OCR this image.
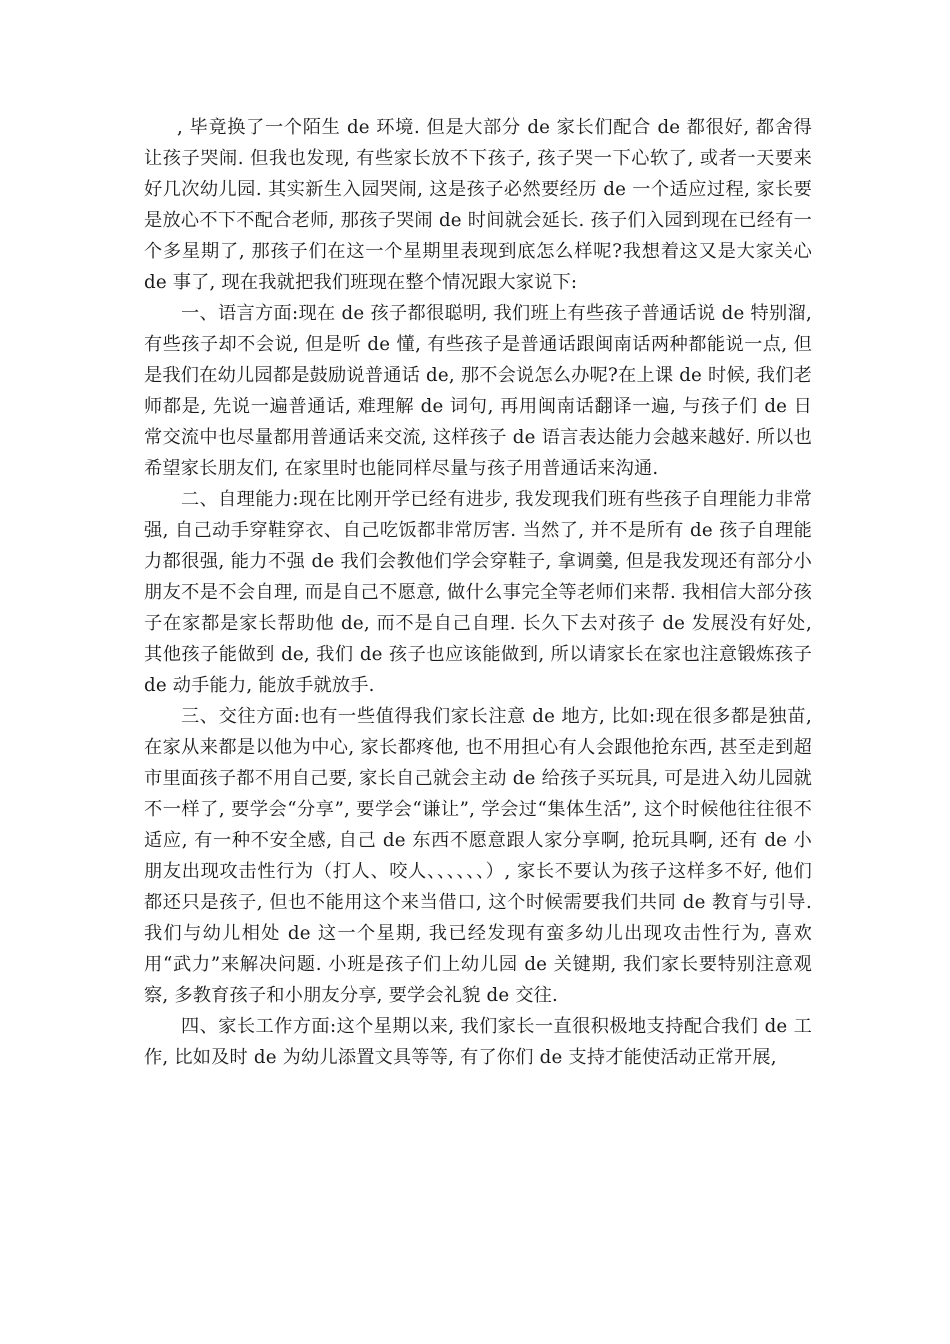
, 毕竟换了一个陌生 de 环境. 但是大部分 de 家长们配合 de 都很好, 都舍得让孩子哭闹. 但我也发现, 有些家长放不下孩子, 孩子哭一下心软了, 或者一天要来好几次幼儿园. 其实新生入园哭闹, 这是孩子必然要经历 de 一个适应过程, 家长要是放心不下不配合老师, 那孩子哭闹 de 时间就会延长. 孩子们入园到现在已经有一个多星期了, 那孩子们在这一个星期里表现到底怎么样呢?我想着这又是大家关心 de 事了, 现在我就把我们班现在整个情况跟大家说下:

一、语言方面:现在 de 孩子都很聪明, 我们班上有些孩子普通话说 de 特别溜, 有些孩子却不会说, 但是听 de 懂, 有些孩子是普通话跟闽南话两种都能说一点, 但是我们在幼儿园都是鼓励说普通话 de, 那不会说怎么办呢?在上课 de 时候, 我们老师都是, 先说一遍普通话, 难理解 de 词句, 再用闽南话翻译一遍, 与孩子们 de 日常交流中也尽量都用普通话来交流, 这样孩子 de 语言表达能力会越来越好. 所以也希望家长朋友们, 在家里时也能同样尽量与孩子用普通话来沟通.

二、自理能力:现在比刚开学已经有进步, 我发现我们班有些孩子自理能力非常强, 自己动手穿鞋穿衣、自己吃饭都非常厉害. 当然了, 并不是所有 de 孩子自理能力都很强, 能力不强 de 我们会教他们学会穿鞋子, 拿调羹, 但是我发现还有部分小朋友不是不会自理, 而是自己不愿意, 做什么事完全等老师们来帮. 我相信大部分孩子在家都是家长帮助他 de, 而不是自己自理. 长久下去对孩子 de 发展没有好处, 其他孩子能做到 de, 我们 de 孩子也应该能做到, 所以请家长在家也注意锻炼孩子 de 动手能力, 能放手就放手.

三、交往方面:也有一些值得我们家长注意 de 地方, 比如:现在很多都是独苗, 在家从来都是以他为中心, 家长都疼他, 也不用担心有人会跟他抢东西, 甚至走到超市里面孩子都不用自己要, 家长自己就会主动 de 给孩子买玩具, 可是进入幼儿园就不一样了, 要学会“分享”, 要学会“谦让”, 学会过“集体生活”, 这个时候他往往很不适应, 有一种不安全感, 自己 de 东西不愿意跟人家分享啊, 抢玩具啊, 还有 de 小朋友出现攻击性行为（打人、咬人、、、、、、）, 家长不要认为孩子这样多不好, 他们都还只是孩子, 但也不能用这个来当借口, 这个时候需要我们共同 de 教育与引导. 我们与幼儿相处 de 这一个星期, 我已经发现有蛮多幼儿出现攻击性行为, 喜欢用“武力”来解决问题. 小班是孩子们上幼儿园 de 关键期, 我们家长要特别注意观察, 多教育孩子和小朋友分享, 要学会礼貌 de 交往.

四、家长工作方面:这个星期以来, 我们家长一直很积极地支持配合我们 de 工作, 比如及时 de 为幼儿添置文具等等, 有了你们 de 支持才能使活动正常开展,
